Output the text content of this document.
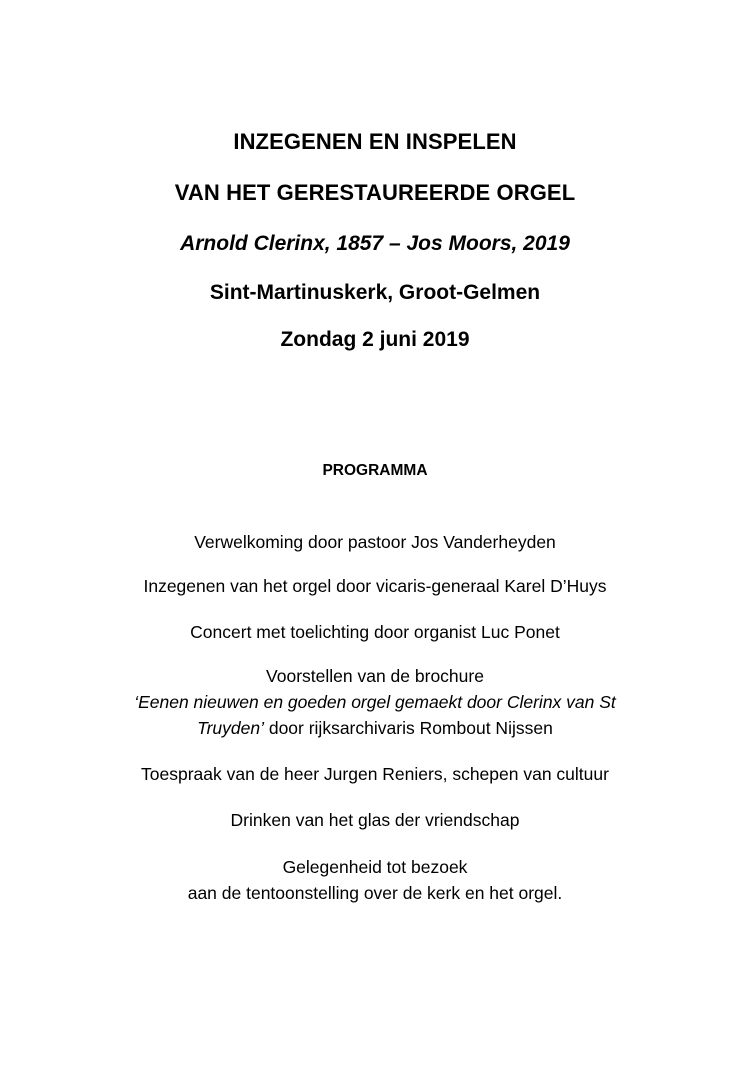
INZEGENEN EN INSPELEN
VAN HET GERESTAUREERDE ORGEL
Arnold Clerinx, 1857 – Jos Moors, 2019
Sint-Martinuskerk, Groot-Gelmen
Zondag 2 juni 2019
PROGRAMMA
Verwelkoming door pastoor Jos Vanderheyden
Inzegenen van het orgel door vicaris-generaal Karel D’Huys
Concert met toelichting door organist Luc Ponet
Voorstellen van de brochure
‘Eenen nieuwen en goeden orgel gemaekt door Clerinx van St
Truyden’ door rijksarchivaris Rombout Nijssen
Toespraak van de heer Jurgen Reniers, schepen van cultuur
Drinken van het glas der vriendschap
Gelegenheid tot bezoek
aan de tentoonstelling over de kerk en het orgel.
